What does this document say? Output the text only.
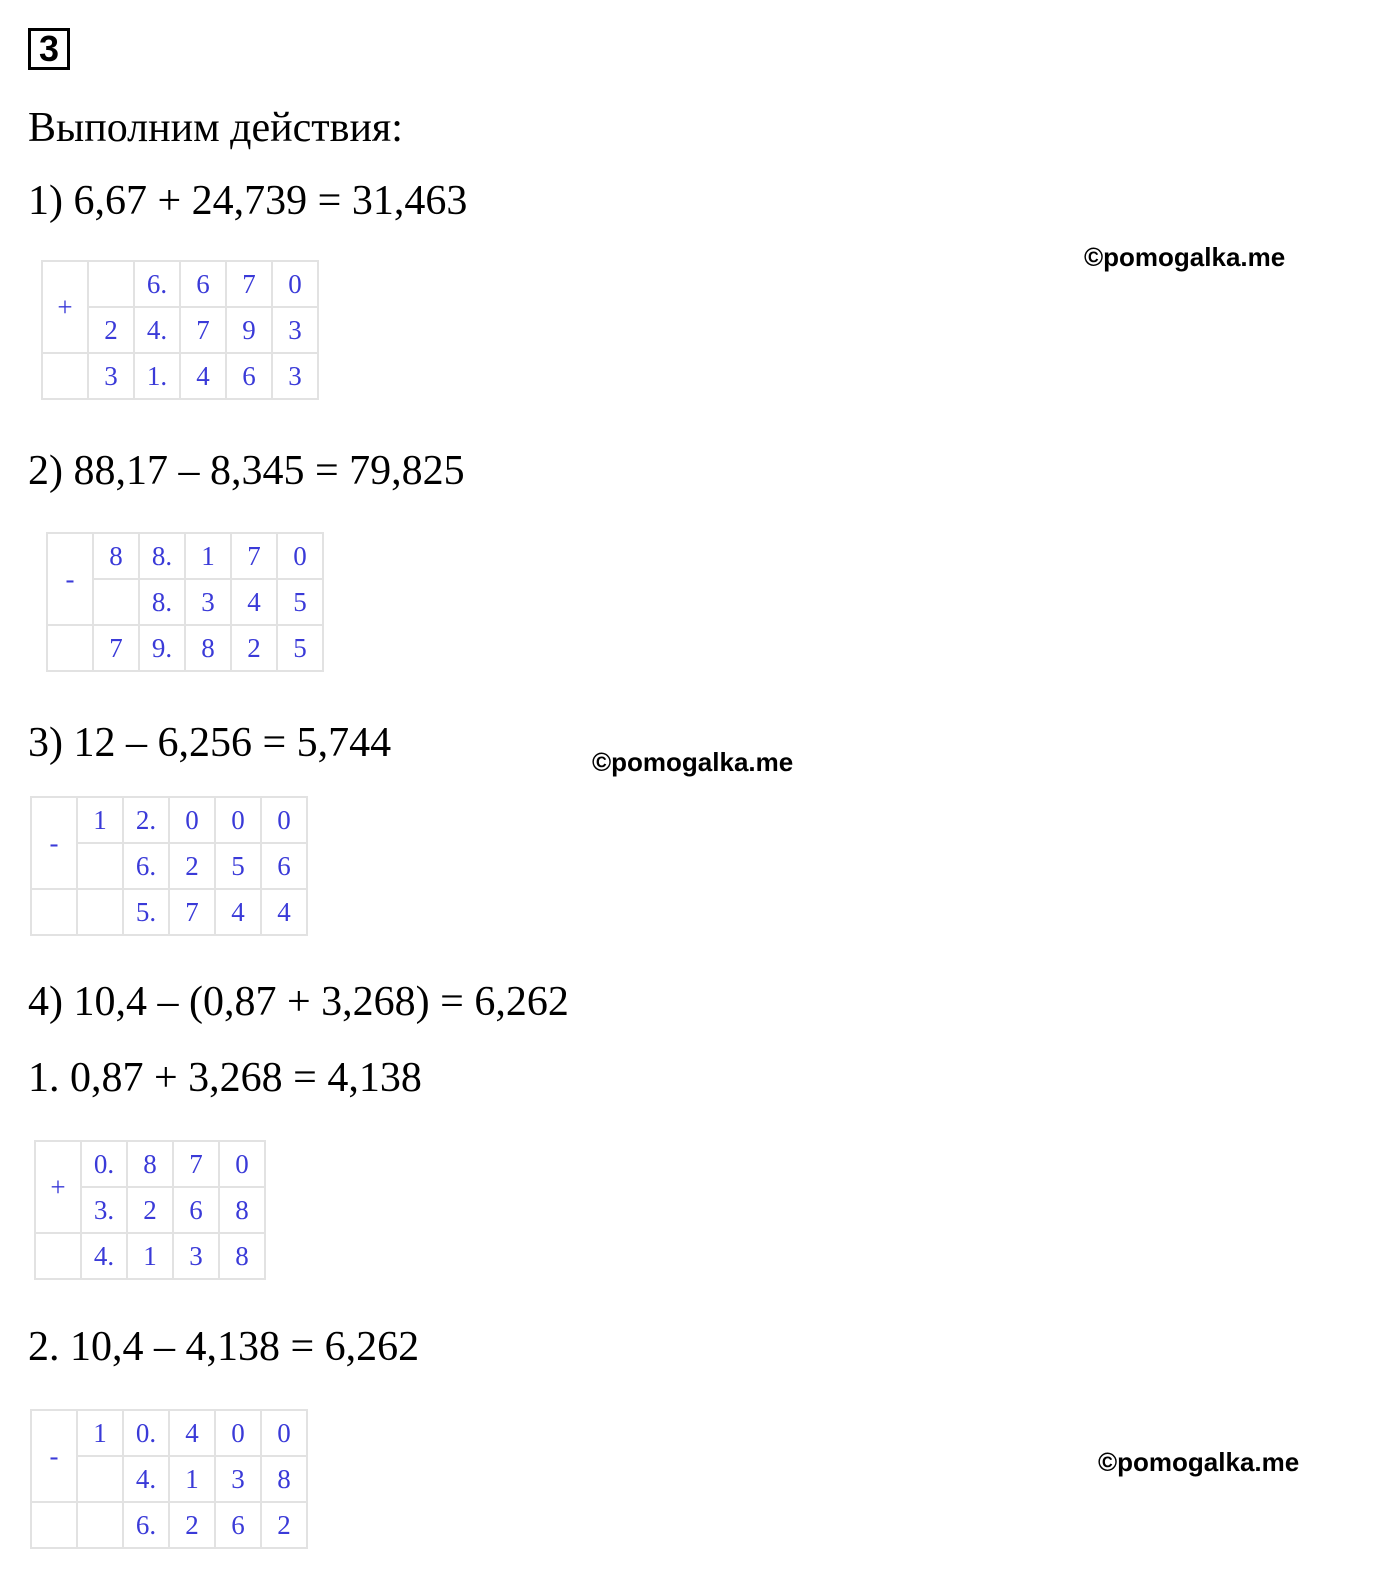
3
Выполним действия:
1) 6,67 + 24,739 = 31,463
©pomogalka.me
+		6.	6	7	0
	2	4.	7	9	3
	3	1.	4	6	3
2) 88,17 – 8,345 = 79,825
-	8	8.	1	7	0
		8.	3	4	5
	7	9.	8	2	5
3) 12 – 6,256 = 5,744	©pomogalka.me
-	1	2.	0	0	0
		6.	2	5	6
		5.	7	4	4
4) 10,4 – (0,87 + 3,268) = 6,262
1. 0,87 + 3,268 = 4,138
+	0.	8	7	0
	3.	2	6	8
	4.	1	3	8
2. 10,4 – 4,138 = 6,262
©pomogalka.me
-	1	0.	4	0	0
		4.	1	3	8
		6.	2	6	2
